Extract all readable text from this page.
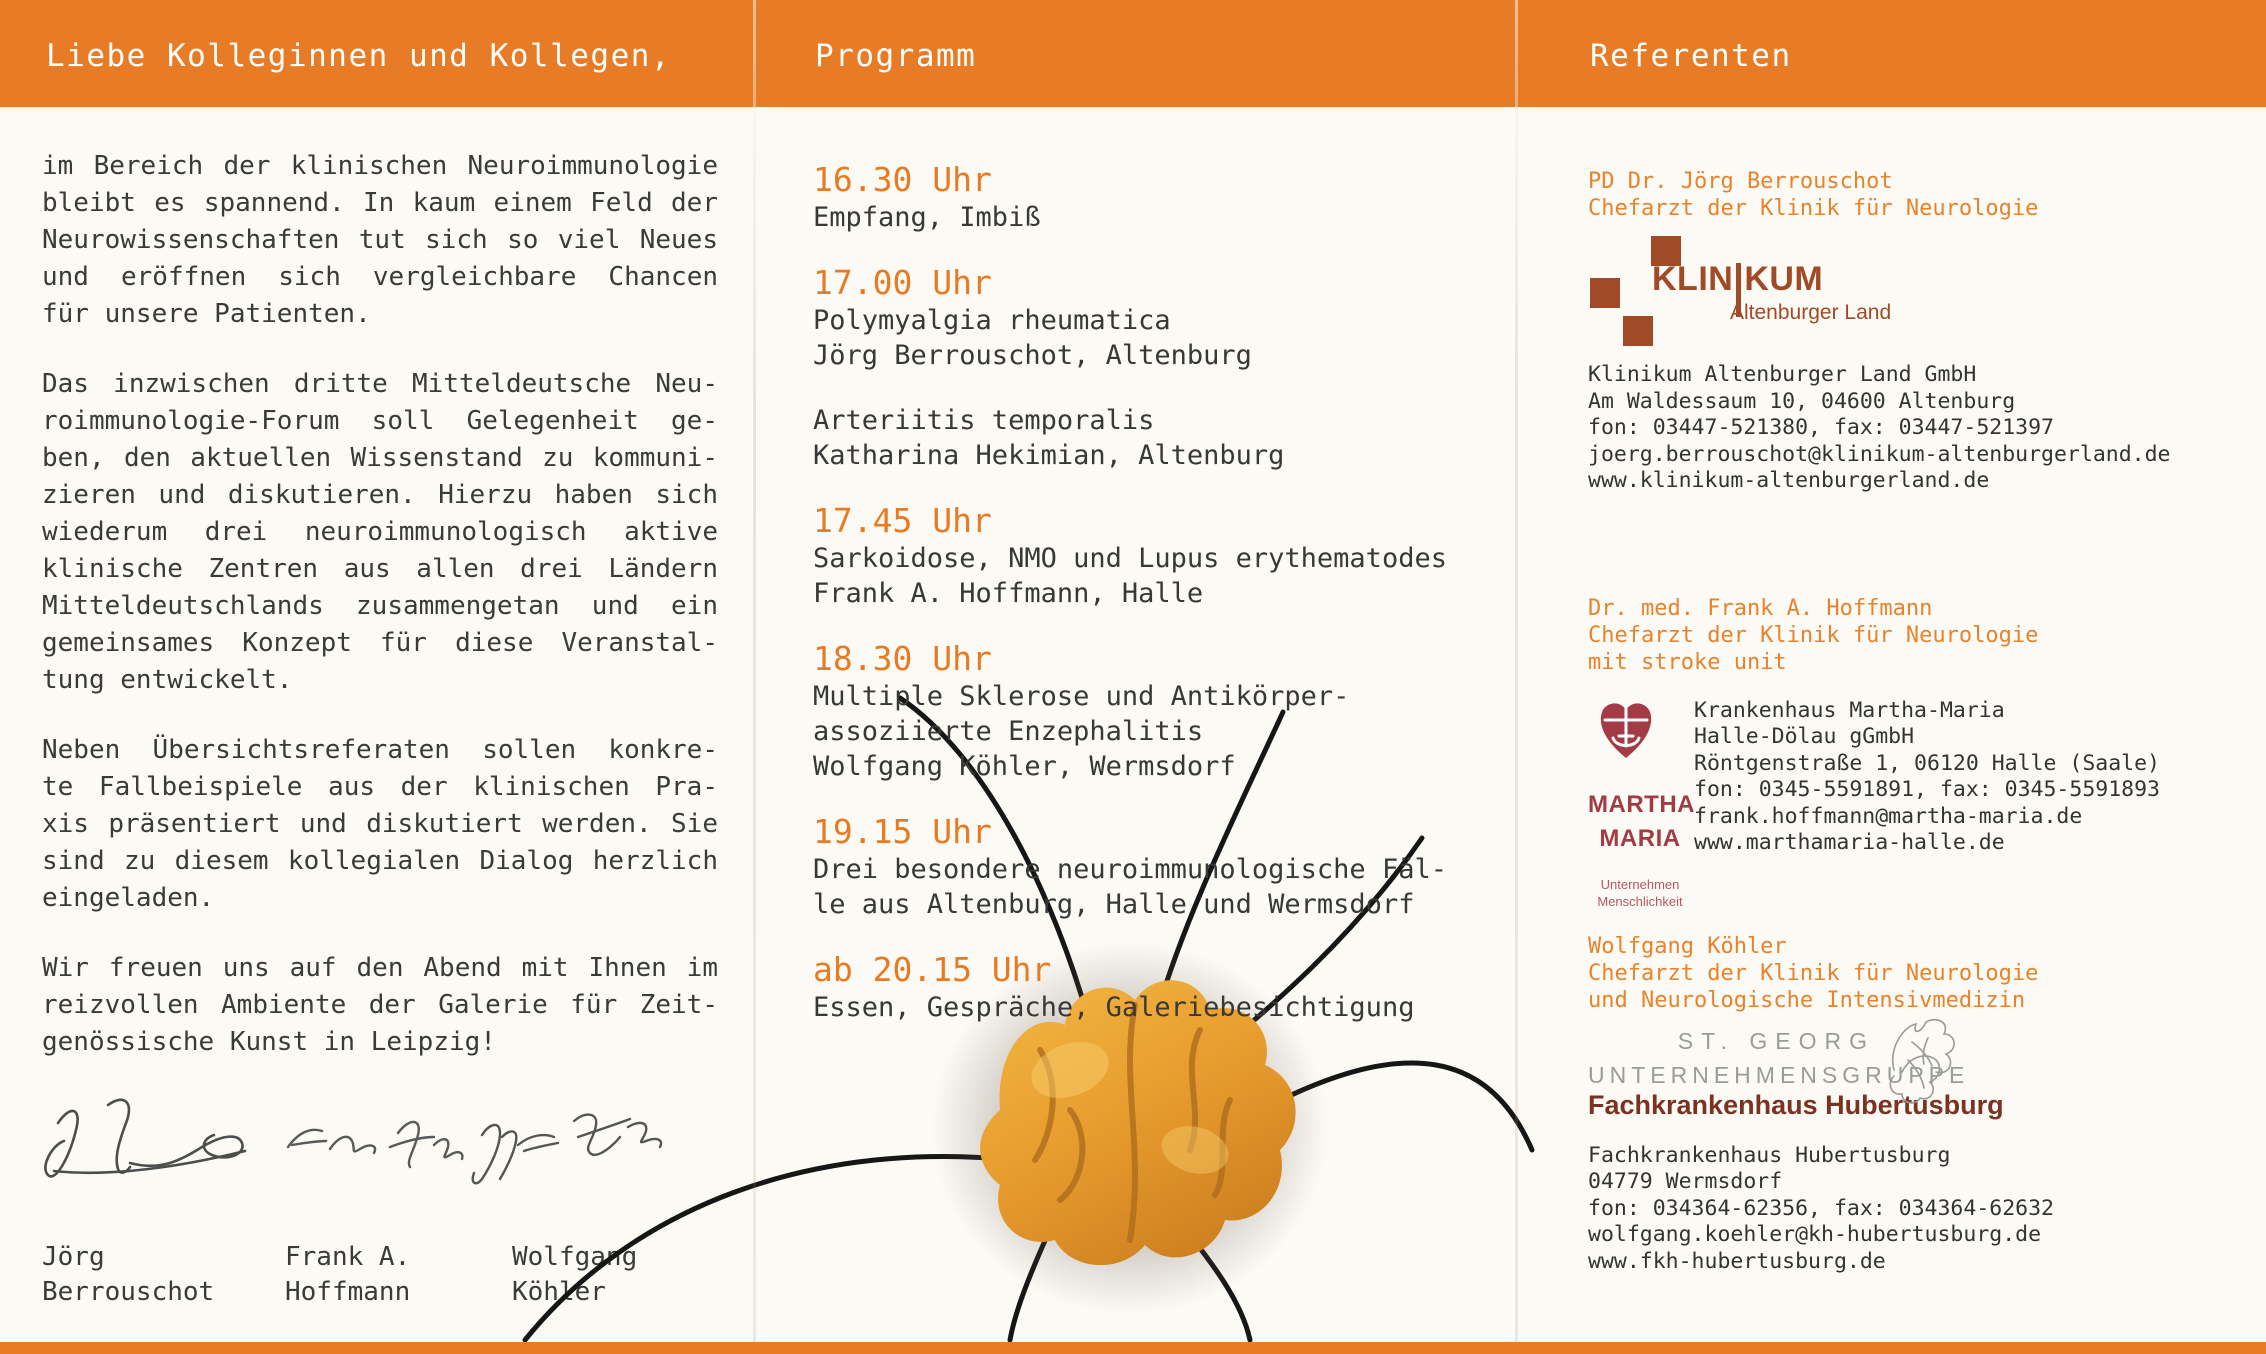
Liebe Kolleginnen und Kollegen,	Programm	Referenten
im Bereich der klinischen Neuroimmunologie
bleibt es spannend. In kaum einem Feld der
Neurowissenschaften tut sich so viel Neues
und eröffnen sich vergleichbare Chancen
für unsere Patienten.
Das inzwischen dritte Mitteldeutsche Neu-
roimmunologie-Forum soll Gelegenheit ge-
ben, den aktuellen Wissenstand zu kommuni-
zieren und diskutieren. Hierzu haben sich
wiederum drei neuroimmunologisch aktive
klinische Zentren aus allen drei Ländern
Mitteldeutschlands zusammengetan und ein
gemeinsames Konzept für diese Veranstal-
tung entwickelt.
Neben Übersichtsreferaten sollen konkre-
te Fallbeispiele aus der klinischen Pra-
xis präsentiert und diskutiert werden. Sie
sind zu diesem kollegialen Dialog herzlich
eingeladen.
Wir freuen uns auf den Abend mit Ihnen im
reizvollen Ambiente der Galerie für Zeit-
genössische Kunst in Leipzig!
Jörg
Berrouschot
Frank A.
Hoffmann
Wolfgang
Köhler
16.30 Uhr
Empfang, Imbiß
17.00 Uhr
Polymyalgia rheumatica
Jörg Berrouschot, Altenburg
Arteriitis temporalis
Katharina Hekimian, Altenburg
17.45 Uhr
Sarkoidose, NMO und Lupus erythematodes
Frank A. Hoffmann, Halle
18.30 Uhr
Multiple Sklerose und Antikörper-
assoziierte Enzephalitis
Wolfgang Köhler, Wermsdorf
19.15 Uhr
Drei besondere neuroimmunologische Fäl-
le aus Altenburg, Halle und Wermsdorf
ab 20.15 Uhr
Essen, Gespräche, Galeriebesichtigung
PD Dr. Jörg Berrouschot
Chefarzt der Klinik für Neurologie
KLIN KUM
Altenburger Land
Klinikum Altenburger Land GmbH
Am Waldessaum 10, 04600 Altenburg
fon: 03447-521380, fax: 03447-521397
joerg.berrouschot@klinikum-altenburgerland.de
www.klinikum-altenburgerland.de
Dr. med. Frank A. Hoffmann
Chefarzt der Klinik für Neurologie
mit stroke unit
MARTHA
MARIA
Unternehmen
Menschlichkeit
Krankenhaus Martha-Maria
Halle-Dölau gGmbH
Röntgenstraße 1, 06120 Halle (Saale)
fon: 0345-5591891, fax: 0345-5591893
frank.hoffmann@martha-maria.de
www.marthamaria-halle.de
Wolfgang Köhler
Chefarzt der Klinik für Neurologie
und Neurologische Intensivmedizin
ST. GEORG
UNTERNEHMENSGRUPPE
Fachkrankenhaus Hubertusburg
Fachkrankenhaus Hubertusburg
04779 Wermsdorf
fon: 034364-62356, fax: 034364-62632
wolfgang.koehler@kh-hubertusburg.de
www.fkh-hubertusburg.de
